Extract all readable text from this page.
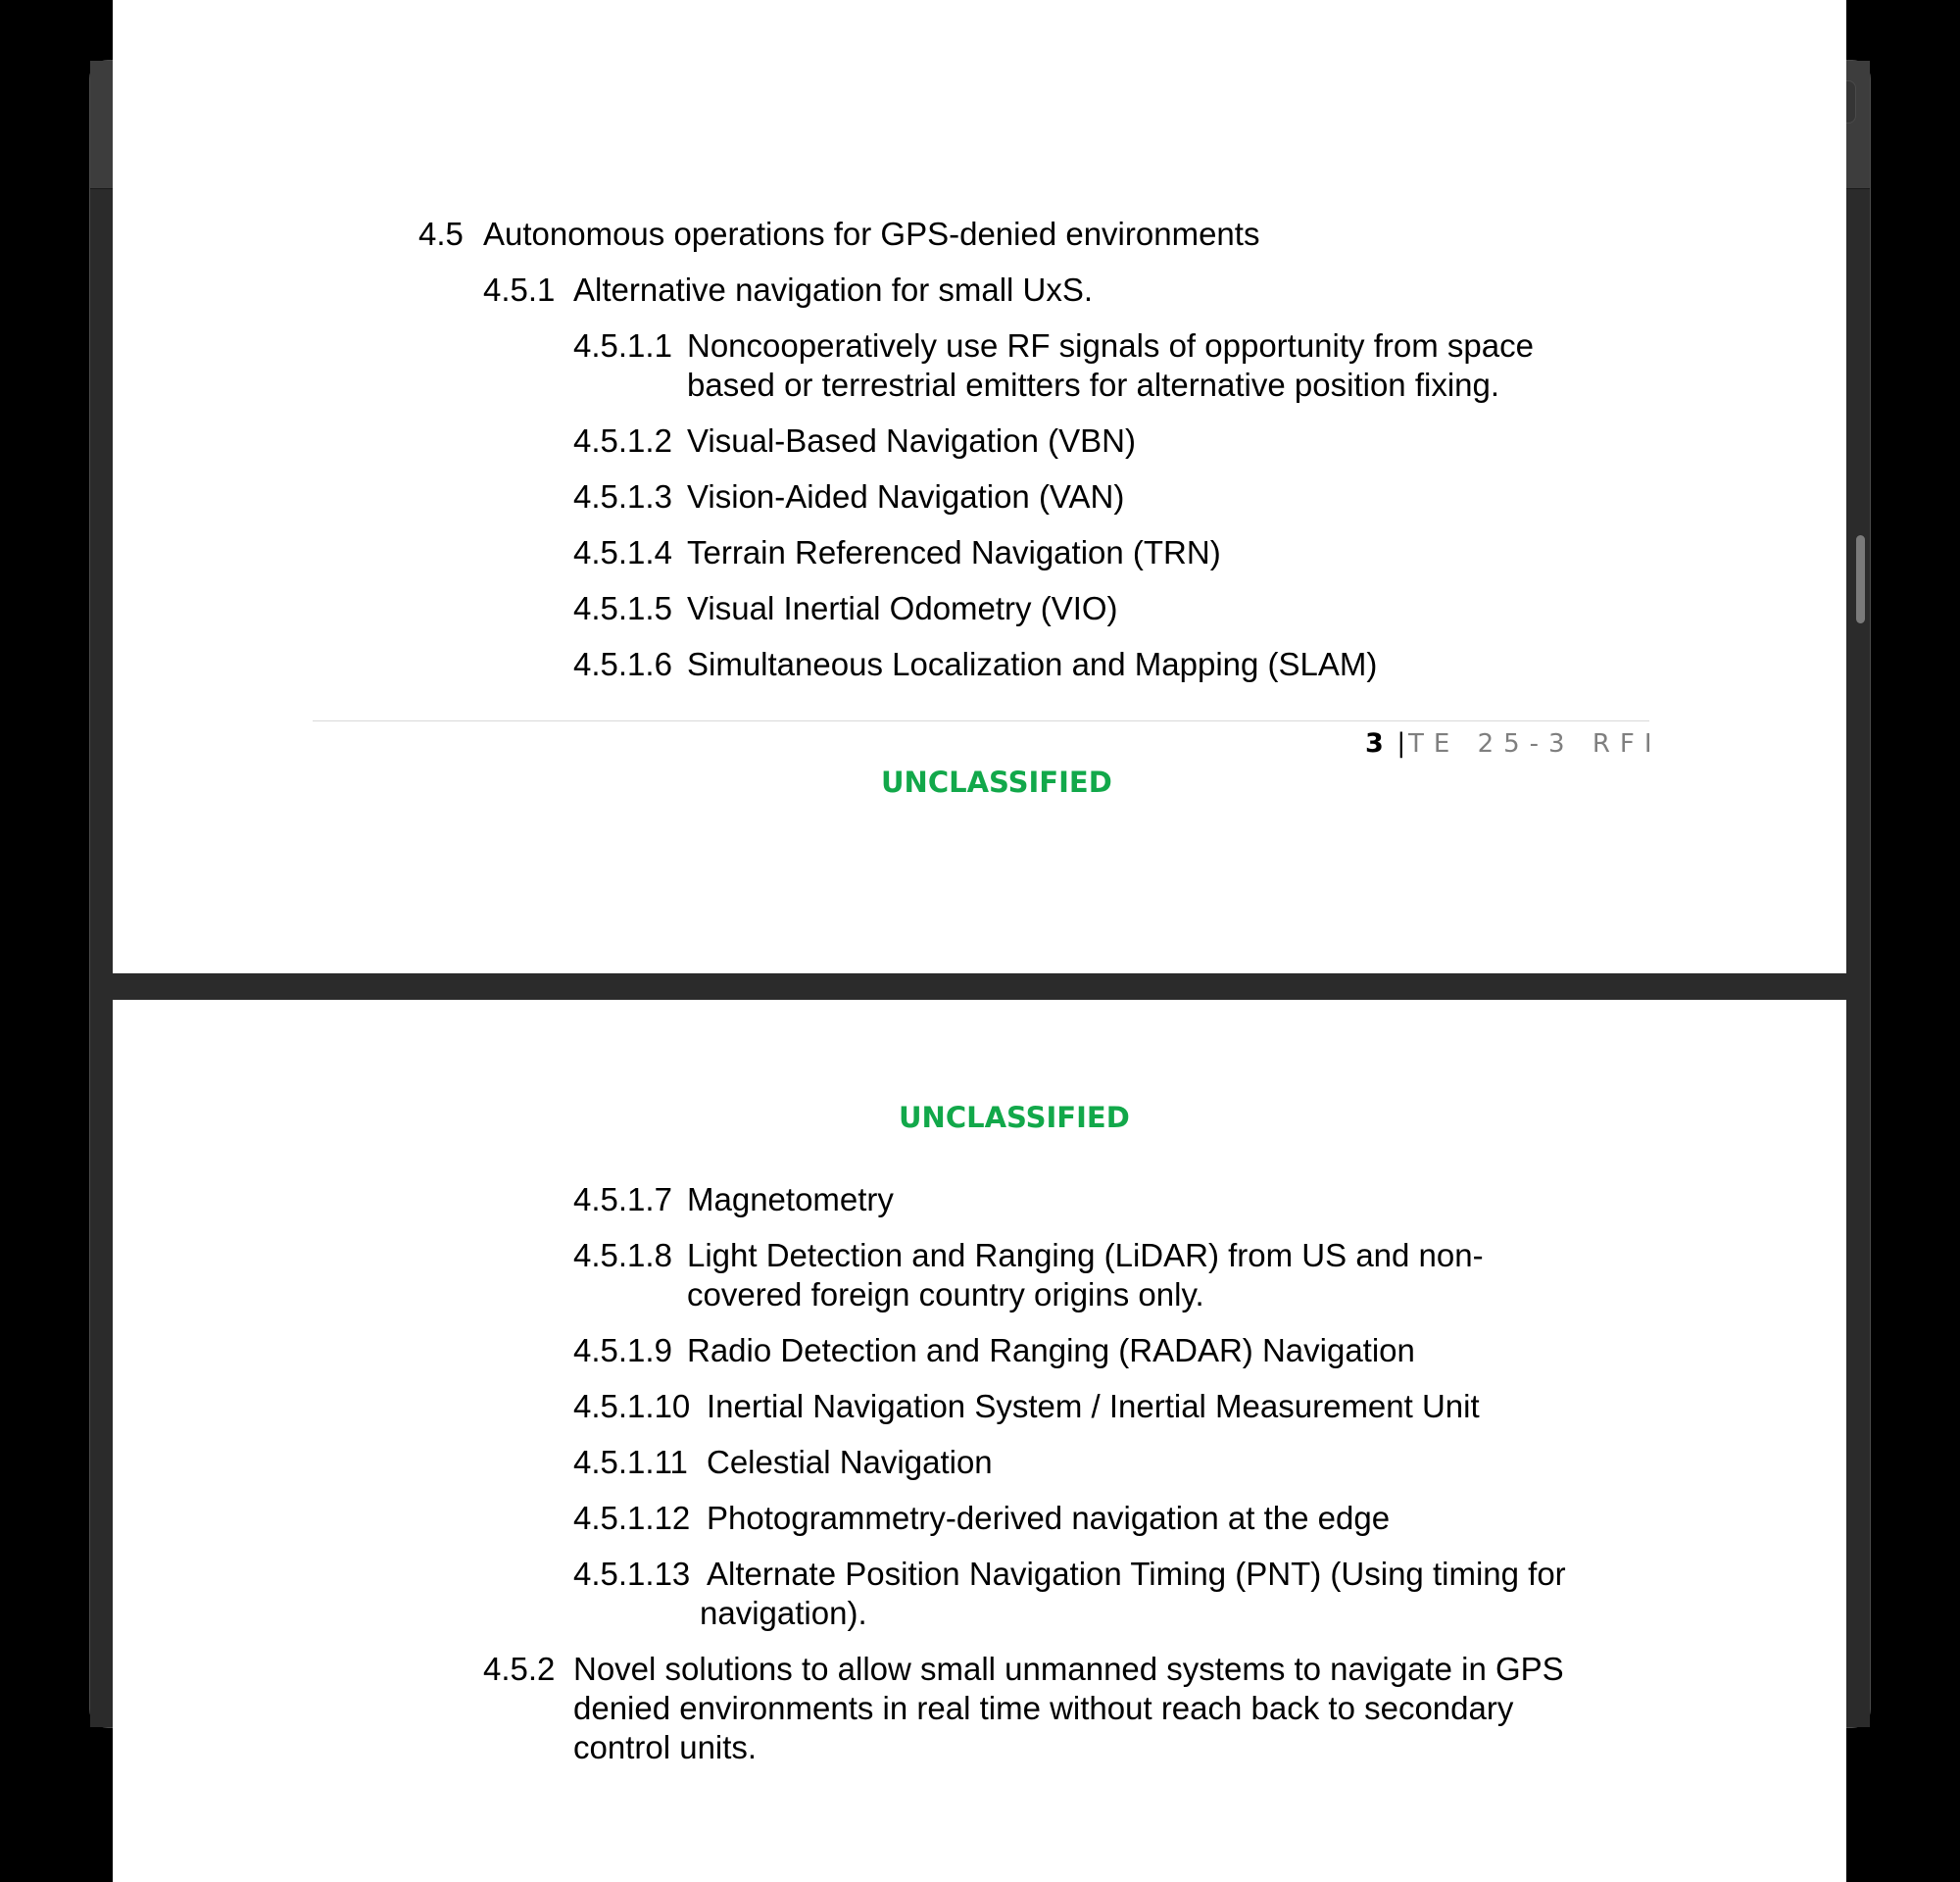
Search
4.5 Autonomous operations for GPS-denied environments
4.5.1 Alternative navigation for small UxS.
4.5.1.1 Noncooperatively use RF signals of opportunity from space
based or terrestrial emitters for alternative position fixing.
4.5.1.2 Visual-Based Navigation (VBN)
4.5.1.3 Vision-Aided Navigation (VAN)
4.5.1.4 Terrain Referenced Navigation (TRN)
4.5.1.5 Visual Inertial Odometry (VIO)
4.5.1.6 Simultaneous Localization and Mapping (SLAM)
3 | TE 25-3 RFI
UNCLASSIFIED
UNCLASSIFIED
4.5.1.7 Magnetometry
4.5.1.8 Light Detection and Ranging (LiDAR) from US and non-
covered foreign country origins only.
4.5.1.9 Radio Detection and Ranging (RADAR) Navigation
4.5.1.10 Inertial Navigation System / Inertial Measurement Unit
4.5.1.11 Celestial Navigation
4.5.1.12 Photogrammetry-derived navigation at the edge
4.5.1.13 Alternate Position Navigation Timing (PNT) (Using timing for
navigation).
4.5.2 Novel solutions to allow small unmanned systems to navigate in GPS
denied environments in real time without reach back to secondary
control units.
